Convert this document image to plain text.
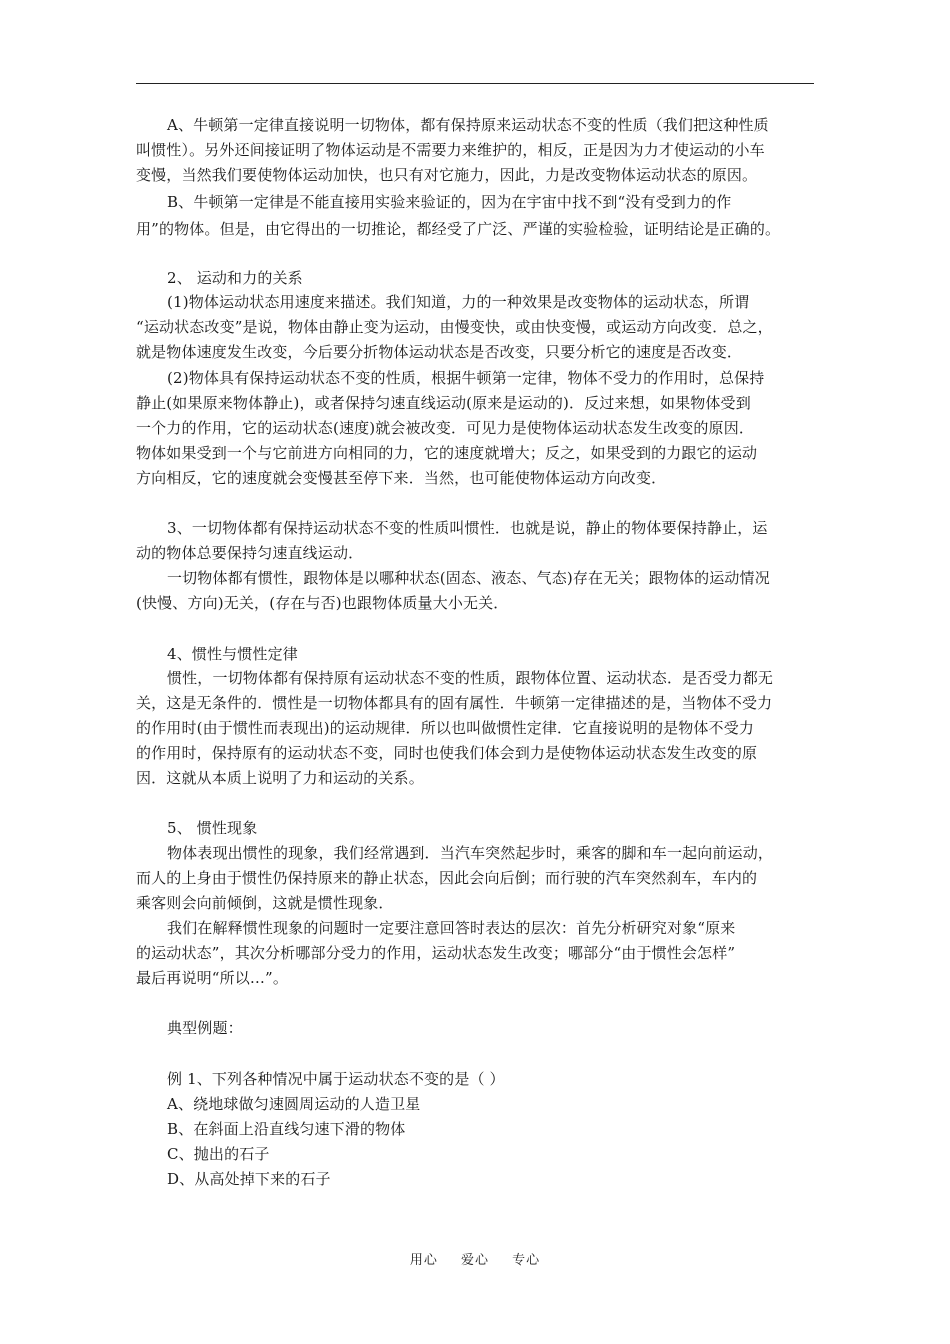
A、牛顿第一定律直接说明一切物体，都有保持原来运动状态不变的性质（我们把这种性质
叫惯性）。另外还间接证明了物体运动是不需要力来维护的，相反，正是因为力才使运动的小车
变慢，当然我们要使物体运动加快，也只有对它施力，因此，力是改变物体运动状态的原因。
B、牛顿第一定律是不能直接用实验来验证的，因为在宇宙中找不到“没有受到力的作
用”的物体。但是，由它得出的一切推论，都经受了广泛、严谨的实验检验，证明结论是正确的。
2、 运动和力的关系
(1)物体运动状态用速度来描述。我们知道，力的一种效果是改变物体的运动状态，所谓
“运动状态改变”是说，物体由静止变为运动，由慢变快，或由快变慢，或运动方向改变．总之，
就是物体速度发生改变，今后要分折物体运动状态是否改变，只要分析它的速度是否改变．
(2)物体具有保持运动状态不变的性质，根据牛顿第一定律，物体不受力的作用时，总保持
静止(如果原来物体静止)，或者保持匀速直线运动(原来是运动的)．反过来想，如果物体受到
一个力的作用，它的运动状态(速度)就会被改变．可见力是使物体运动状态发生改变的原因．
物体如果受到一个与它前进方向相同的力，它的速度就增大；反之，如果受到的力跟它的运动
方向相反，它的速度就会变慢甚至停下来．当然，也可能使物体运动方向改变．
3、一切物体都有保持运动状态不变的性质叫惯性．也就是说，静止的物体要保持静止，运
动的物体总要保持匀速直线运动．
一切物体都有惯性，跟物体是以哪种状态(固态、液态、气态)存在无关；跟物体的运动情况
(快慢、方向)无关，(存在与否)也跟物体质量大小无关．
4、惯性与惯性定律
惯性，一切物体都有保持原有运动状态不变的性质，跟物体位置、运动状态．是否受力都无
关，这是无条件的．惯性是一切物体都具有的固有属性．牛顿第一定律描述的是，当物体不受力
的作用时(由于惯性而表现出)的运动规律．所以也叫做惯性定律．它直接说明的是物体不受力
的作用时，保持原有的运动状态不变，同时也使我们体会到力是使物体运动状态发生改变的原
因．这就从本质上说明了力和运动的关系。
5、 惯性现象
物体表现出惯性的现象，我们经常遇到．当汽车突然起步时，乘客的脚和车一起向前运动，
而人的上身由于惯性仍保持原来的静止状态，因此会向后倒；而行驶的汽车突然刹车，车内的
乘客则会向前倾倒，这就是惯性现象．
我们在解释惯性现象的问题时一定要注意回答时表达的层次：首先分析研究对象“原来
的运动状态”，其次分析哪部分受力的作用，运动状态发生改变；哪部分“由于惯性会怎样”
最后再说明“所以…”。
典型例题：
例 1、下列各种情况中属于运动状态不变的是（ ）
A、绕地球做匀速圆周运动的人造卫星
B、在斜面上沿直线匀速下滑的物体
C、抛出的石子
D、从高处掉下来的石子
用心 爱心 专心
